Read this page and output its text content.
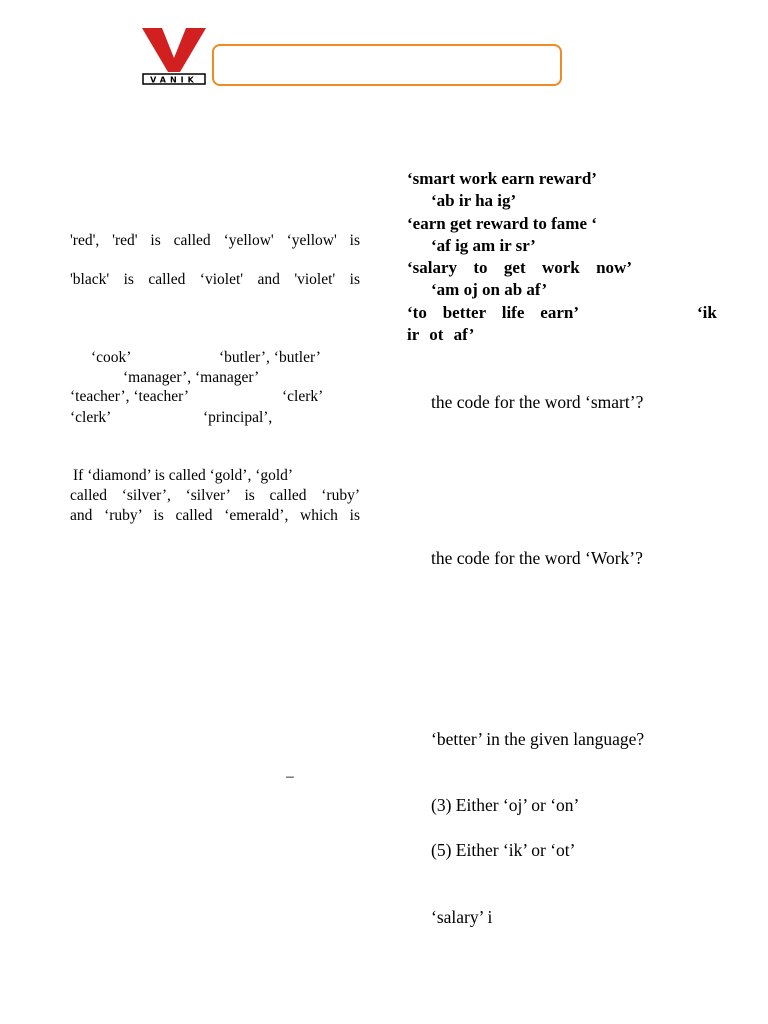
VANIK
'red', 'red' is called ‘yellow' ‘yellow' is
'black' is called ‘violet' and 'violet' is
‘cook’	‘butler’, ‘butler’
‘manager’, ‘manager’
‘teacher’, ‘teacher’	‘clerk’
‘clerk’	‘principal’,
If ‘diamond’ is called ‘gold’, ‘gold’
called ‘silver’, ‘silver’ is called ‘ruby’
and ‘ruby’ is called ‘emerald’, which is
–
‘smart work earn reward’
‘ab ir ha ig’
‘earn get reward to fame ‘
‘af ig am ir sr’
‘salary to get work now’
‘am oj on ab af’
‘to better life earn’	‘ik
ir ot af’
the code for the word ‘smart’?
the code for the word ‘Work’?
‘better’ in the given language?
(3) Either ‘oj’ or ‘on’
(5) Either ‘ik’ or ‘ot’
‘salary’ i
